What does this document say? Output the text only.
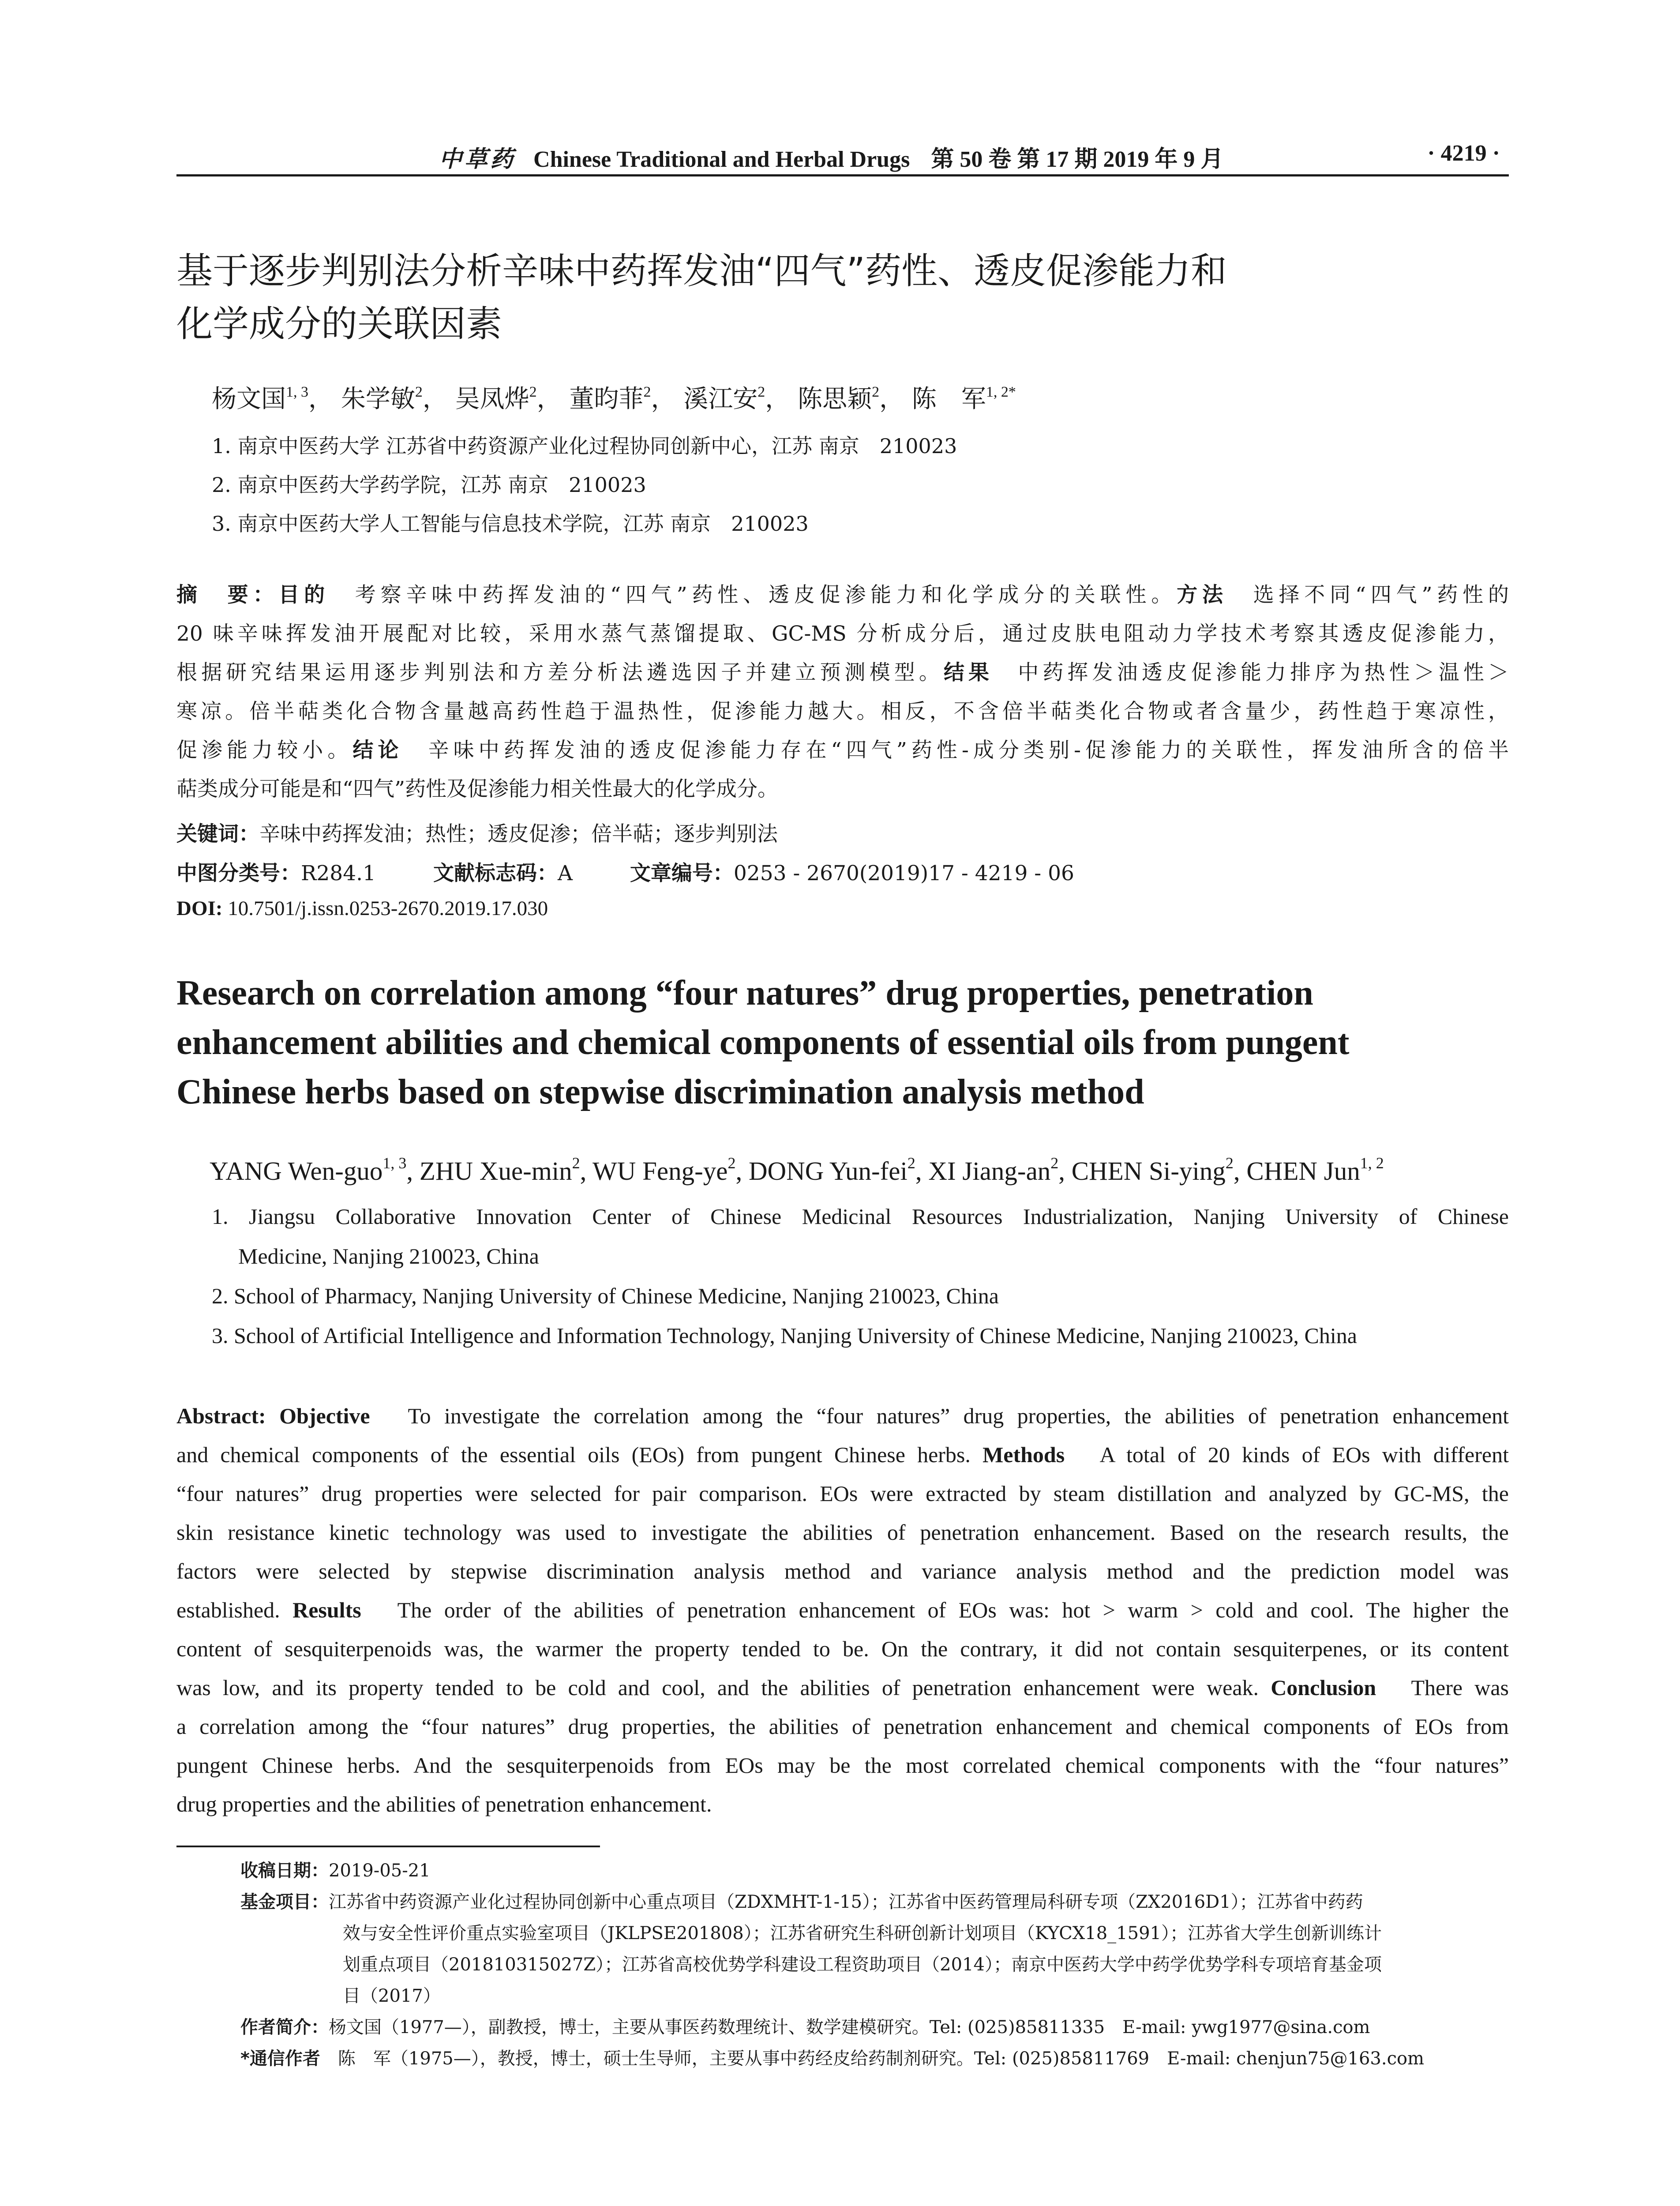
中草药 Chinese Traditional and Herbal Drugs 第 50 卷 第 17 期 2019 年 9 月	· 4219 ·
基于逐步判别法分析辛味中药挥发油“四气”药性、透皮促渗能力和
化学成分的关联因素
杨文国$^{1, 3}$， 朱学敏$^2$， 吴凤烨$^2$， 董昀菲$^2$， 溪江安$^2$， 陈思颖$^2$， 陈　军$^{1, 2*}$
1. 南京中医药大学 江苏省中药资源产业化过程协同创新中心，江苏 南京　210023
2. 南京中医药大学药学院，江苏 南京　210023
3. 南京中医药大学人工智能与信息技术学院，江苏 南京　210023
摘　要：目的　考察辛味中药挥发油的“四气”药性、透皮促渗能力和化学成分的关联性。方法　选择不同“四气”药性的
20 味辛味挥发油开展配对比较，采用水蒸气蒸馏提取、GC-MS 分析成分后，通过皮肤电阻动力学技术考察其透皮促渗能力，
根据研究结果运用逐步判别法和方差分析法遴选因子并建立预测模型。结果　中药挥发油透皮促渗能力排序为热性＞温性＞
寒凉。倍半萜类化合物含量越高药性趋于温热性，促渗能力越大。相反，不含倍半萜类化合物或者含量少，药性趋于寒凉性，
促渗能力较小。结论　辛味中药挥发油的透皮促渗能力存在“四气”药性-成分类别-促渗能力的关联性，挥发油所含的倍半
萜类成分可能是和“四气”药性及促渗能力相关性最大的化学成分。
关键词：辛味中药挥发油；热性；透皮促渗；倍半萜；逐步判别法
中图分类号：R284.1	文献标志码：A	文章编号：0253 - 2670(2019)17 - 4219 - 06
DOI: 10.7501/j.issn.0253-2670.2019.17.030
Research on correlation among “four natures” drug properties, penetration
enhancement abilities and chemical components of essential oils from pungent
Chinese herbs based on stepwise discrimination analysis method
YANG Wen-guo$^{1, 3}$, ZHU Xue-$\min^2$, WU Feng-$ye^2$, DONG Yun-fei$^2$, XI Jiang-$an^2$, CHEN Si-ying$^2$, CHEN Jun$^{1, 2}$
1. Jiangsu Collaborative Innovation Center of Chinese Medicinal Resources Industrialization, Nanjing University of Chinese
Medicine, Nanjing 210023, China
2. School of Pharmacy, Nanjing University of Chinese Medicine, Nanjing 210023, China
3. School of Artificial Intelligence and Information Technology, Nanjing University of Chinese Medicine, Nanjing 210023, China
Abstract: Objective　To investigate the correlation among the “four natures” drug properties, the abilities of penetration enhancement
and chemical components of the essential oils (EOs) from pungent Chinese herbs. Methods　A total of 20 kinds of EOs with different
“four natures” drug properties were selected for pair comparison. EOs were extracted by steam distillation and analyzed by GC-MS, the
skin resistance kinetic technology was used to investigate the abilities of penetration enhancement. Based on the research results, the
factors were selected by stepwise discrimination analysis method and variance analysis method and the prediction model was
established. Results　The order of the abilities of penetration enhancement of EOs was: hot > warm > cold and cool. The higher the
content of sesquiterpenoids was, the warmer the property tended to be. On the contrary, it did not contain sesquiterpenes, or its content
was low, and its property tended to be cold and cool, and the abilities of penetration enhancement were weak. Conclusion　There was
a correlation among the “four natures” drug properties, the abilities of penetration enhancement and chemical components of EOs from
pungent Chinese herbs. And the sesquiterpenoids from EOs may be the most correlated chemical components with the “four natures”
drug properties and the abilities of penetration enhancement.
收稿日期：2019-05-21
基金项目：江苏省中药资源产业化过程协同创新中心重点项目（ZDXMHT-1-15）；江苏省中医药管理局科研专项（ZX2016D1）；江苏省中药药
效与安全性评价重点实验室项目（JKLPSE201808）；江苏省研究生科研创新计划项目（KYCX18_1591）；江苏省大学生创新训练计
划重点项目（201810315027Z）；江苏省高校优势学科建设工程资助项目（2014）；南京中医药大学中药学优势学科专项培育基金项
目（2017）
作者简介：杨文国（1977—），副教授，博士，主要从事医药数理统计、数学建模研究。Tel: (025)85811335　E-mail: ywg1977@sina.com
*通信作者　陈　军（1975—），教授，博士，硕士生导师，主要从事中药经皮给药制剂研究。Tel: (025)85811769　E-mail: chenjun75@163.com
